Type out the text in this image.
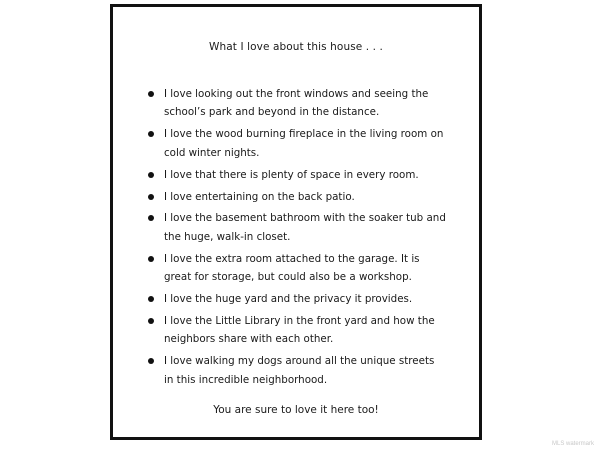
What I love about this house . . .
I love looking out the front windows and seeing the school’s park and beyond in the distance.
I love the wood burning fireplace in the living room on cold winter nights.
I love that there is plenty of space in every room.
I love entertaining on the back patio.
I love the basement bathroom with the soaker tub and the huge, walk-in closet.
I love the extra room attached to the garage. It is great for storage, but could also be a workshop.
I love the huge yard and the privacy it provides.
I love the Little Library in the front yard and how the neighbors share with each other.
I love walking my dogs around all the unique streets in this incredible neighborhood.
You are sure to love it here too!
MLS watermark
